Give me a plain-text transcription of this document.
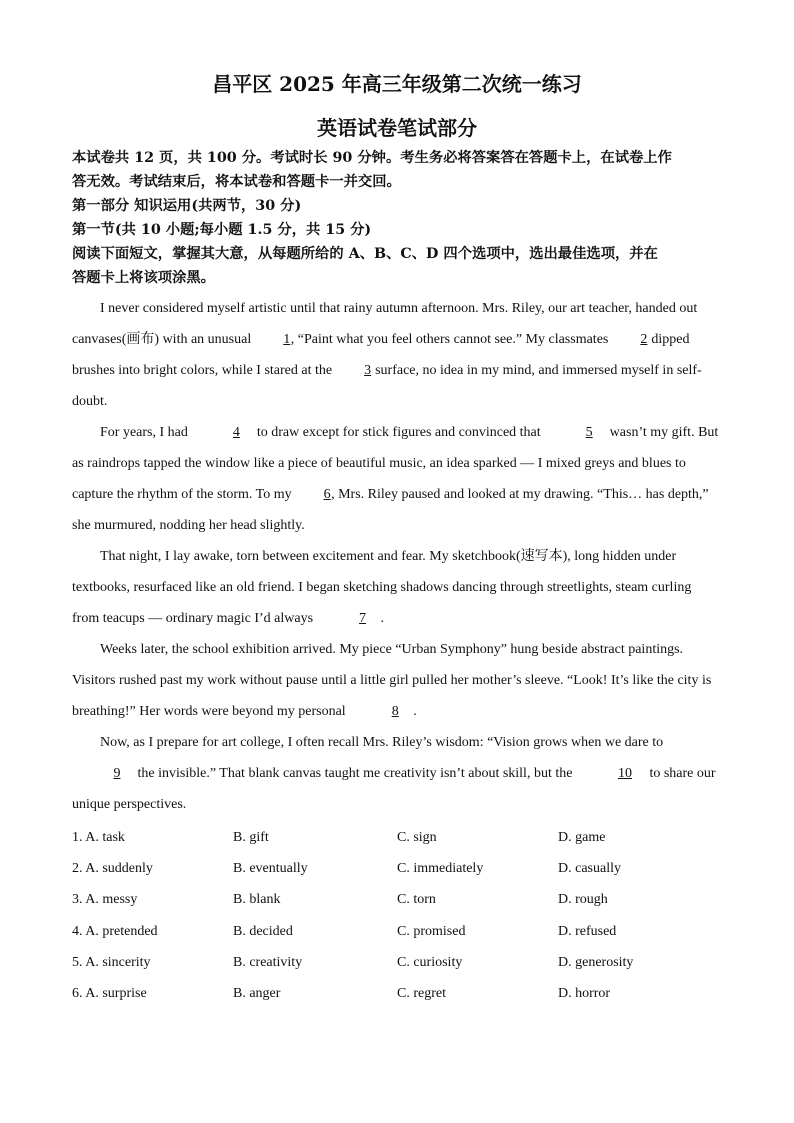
昌平区 2025 年高三年级第二次统一练习
英语试卷笔试部分
本试卷共 12 页，共 100 分。考试时长 90 分钟。考生务必将答案答在答题卡上，在试卷上作
答无效。考试结束后，将本试卷和答题卡一并交回。
第一部分 知识运用(共两节，30 分)
第一节(共 10 小题;每小题 1.5 分，共 15 分)
阅读下面短文，掌握其大意，从每题所给的 A、B、C、D 四个选项中，选出最佳选项，并在
答题卡上将该项涂黑。

I never considered myself artistic until that rainy autumn afternoon. Mrs. Riley, our art teacher, handed out canvases(画布) with an unusual 1, “Paint what you feel others cannot see.” My classmates 2 dipped brushes into bright colors, while I stared at the 3 surface, no idea in my mind, and immersed myself in self-doubt.

For years, I had	4 to draw except for stick figures and convinced that	5 wasn’t my gift. But as raindrops tapped the window like a piece of beautiful music, an idea sparked — I mixed greys and blues to capture the rhythm of the storm. To my 6, Mrs. Riley paused and looked at my drawing. “This… has depth,” she murmured, nodding her head slightly.

That night, I lay awake, torn between excitement and fear. My sketchbook(速写本), long hidden under textbooks, resurfaced like an old friend. I began sketching shadows dancing through streetlights, steam curling from teacups — ordinary magic I’d always	7 .

Weeks later, the school exhibition arrived. My piece “Urban Symphony” hung beside abstract paintings. Visitors rushed past my work without pause until a little girl pulled her mother’s sleeve. “Look! It’s like the city is breathing!” Her words were beyond my personal	8 .

Now, as I prepare for art college, I often recall Mrs. Riley’s wisdom: “Vision grows when we dare to 9 the invisible.” That blank canvas taught me creativity isn’t about skill, but the	10 to share our unique perspectives.

1. A. task	B. gift	C. sign	D. game
2. A. suddenly	B. eventually	C. immediately	D. casually
3. A. messy	B. blank	C. torn	D. rough
4. A. pretended	B. decided	C. promised	D. refused
5. A. sincerity	B. creativity	C. curiosity	D. generosity
6. A. surprise	B. anger	C. regret	D. horror
